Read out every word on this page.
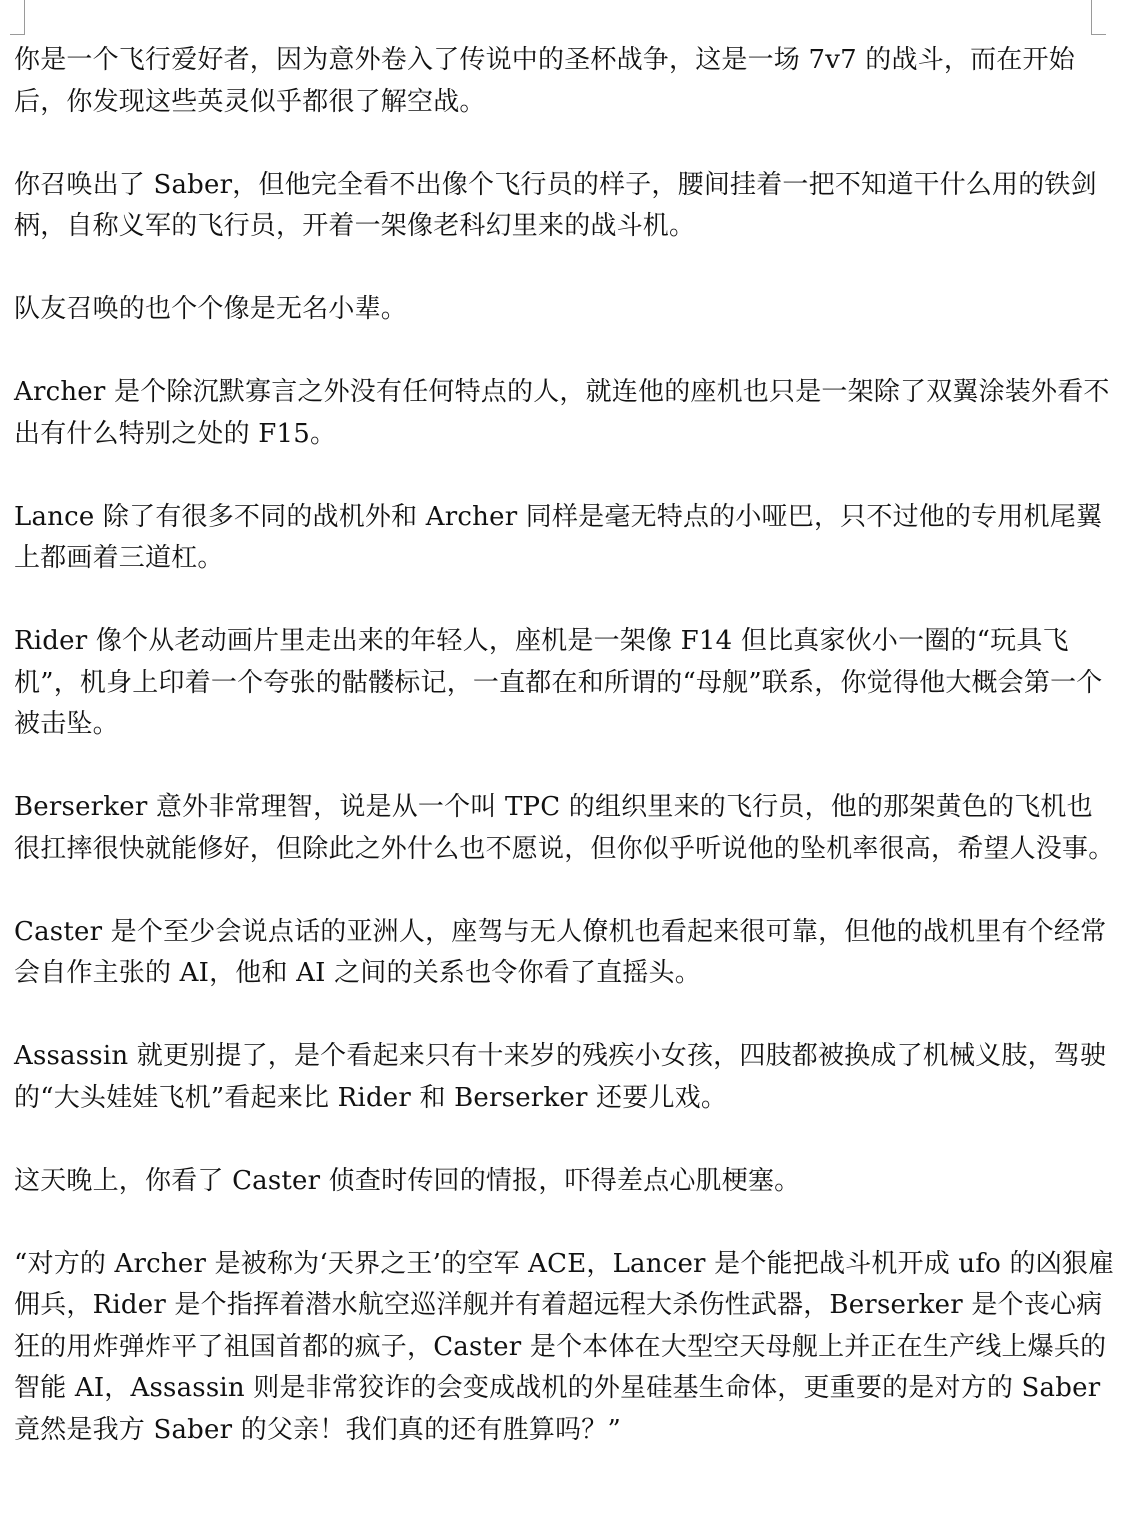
你是一个飞行爱好者，因为意外卷入了传说中的圣杯战争，这是一场 7v7 的战斗，而在开始后，你发现这些英灵似乎都很了解空战。

你召唤出了 Saber，但他完全看不出像个飞行员的样子，腰间挂着一把不知道干什么用的铁剑柄，自称义军的飞行员，开着一架像老科幻里来的战斗机。

队友召唤的也个个像是无名小辈。

Archer 是个除沉默寡言之外没有任何特点的人，就连他的座机也只是一架除了双翼涂装外看不出有什么特别之处的 F15。

Lance 除了有很多不同的战机外和 Archer 同样是毫无特点的小哑巴，只不过他的专用机尾翼上都画着三道杠。

Rider 像个从老动画片里走出来的年轻人，座机是一架像 F14 但比真家伙小一圈的“玩具飞机”，机身上印着一个夸张的骷髅标记，一直都在和所谓的“母舰”联系，你觉得他大概会第一个被击坠。

Berserker 意外非常理智，说是从一个叫 TPC 的组织里来的飞行员，他的那架黄色的飞机也很扛摔很快就能修好，但除此之外什么也不愿说，但你似乎听说他的坠机率很高，希望人没事。

Caster 是个至少会说点话的亚洲人，座驾与无人僚机也看起来很可靠，但他的战机里有个经常会自作主张的 AI，他和 AI 之间的关系也令你看了直摇头。

Assassin 就更别提了，是个看起来只有十来岁的残疾小女孩，四肢都被换成了机械义肢，驾驶的“大头娃娃飞机”看起来比 Rider 和 Berserker 还要儿戏。

这天晚上，你看了 Caster 侦查时传回的情报，吓得差点心肌梗塞。

“对方的 Archer 是被称为‘天界之王’的空军 ACE，Lancer 是个能把战斗机开成 ufo 的凶狠雇佣兵，Rider 是个指挥着潜水航空巡洋舰并有着超远程大杀伤性武器，Berserker 是个丧心病狂的用炸弹炸平了祖国首都的疯子，Caster 是个本体在大型空天母舰上并正在生产线上爆兵的智能 AI，Assassin 则是非常狡诈的会变成战机的外星硅基生命体，更重要的是对方的 Saber 竟然是我方 Saber 的父亲！我们真的还有胜算吗？”
